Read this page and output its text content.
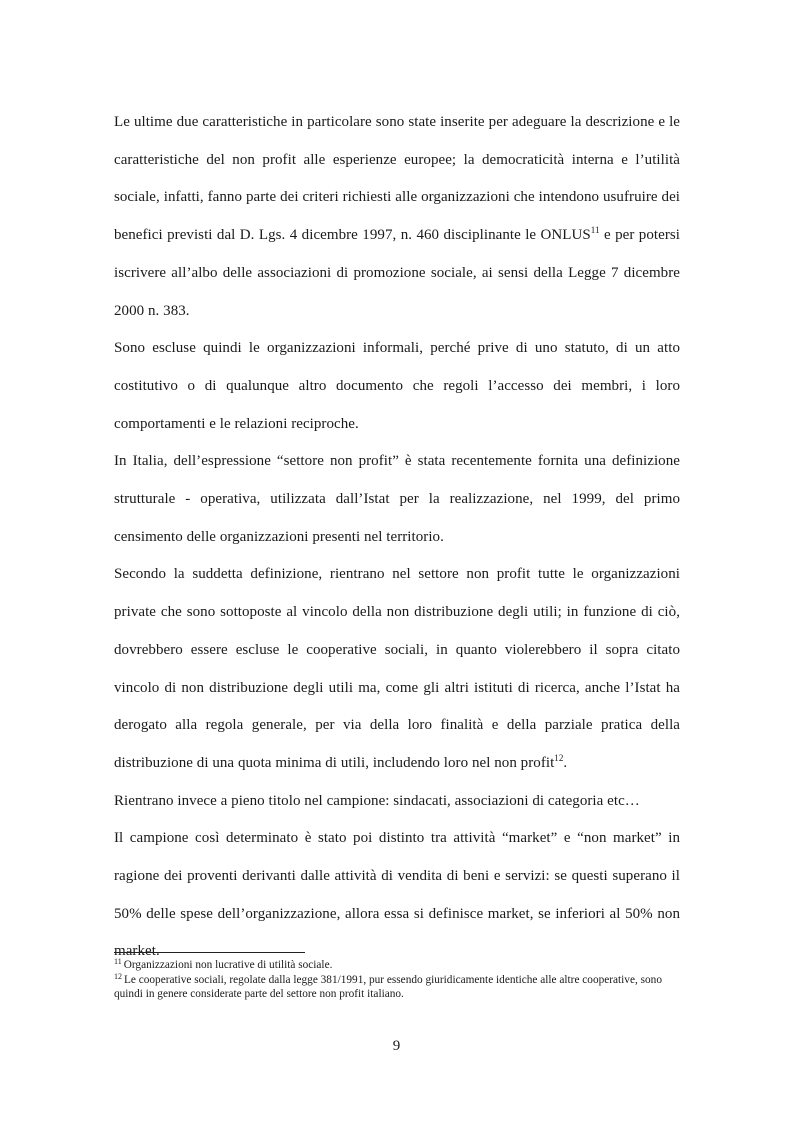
Le ultime due caratteristiche in particolare sono state inserite per adeguare la descrizione e le caratteristiche del non profit alle esperienze europee; la democraticità interna e l’utilità sociale, infatti, fanno parte dei criteri richiesti alle organizzazioni che intendono usufruire dei benefici previsti dal D. Lgs. 4 dicembre 1997, n. 460 disciplinante le ONLUS$^{11}$ e per potersi iscrivere all’albo delle associazioni di promozione sociale, ai sensi della Legge 7 dicembre 2000 n. 383.

Sono escluse quindi le organizzazioni informali, perché prive di uno statuto, di un atto costitutivo o di qualunque altro documento che regoli l’accesso dei membri, i loro comportamenti e le relazioni reciproche.

In Italia, dell’espressione “settore non profit” è stata recentemente fornita una definizione strutturale - operativa, utilizzata dall’Istat per la realizzazione, nel 1999, del primo censimento delle organizzazioni presenti nel territorio.

Secondo la suddetta definizione, rientrano nel settore non profit tutte le organizzazioni private che sono sottoposte al vincolo della non distribuzione degli utili; in funzione di ciò, dovrebbero essere escluse le cooperative sociali, in quanto violerebbero il sopra citato vincolo di non distribuzione degli utili ma, come gli altri istituti di ricerca, anche l’Istat ha derogato alla regola generale, per via della loro finalità e della parziale pratica della distribuzione di una quota minima di utili, includendo loro nel non profit$^{12}$.

Rientrano invece a pieno titolo nel campione: sindacati, associazioni di categoria etc…

Il campione così determinato è stato poi distinto tra attività “market” e “non market” in ragione dei proventi derivanti dalle attività di vendita di beni e servizi: se questi superano il 50% delle spese dell’organizzazione, allora essa si definisce market, se inferiori al 50% non market.

$^{11}$ Organizzazioni non lucrative di utilità sociale.

$^{12}$ Le cooperative sociali, regolate dalla legge 381/1991, pur essendo giuridicamente identiche alle altre cooperative, sono quindi in genere considerate parte del settore non profit italiano.

9
